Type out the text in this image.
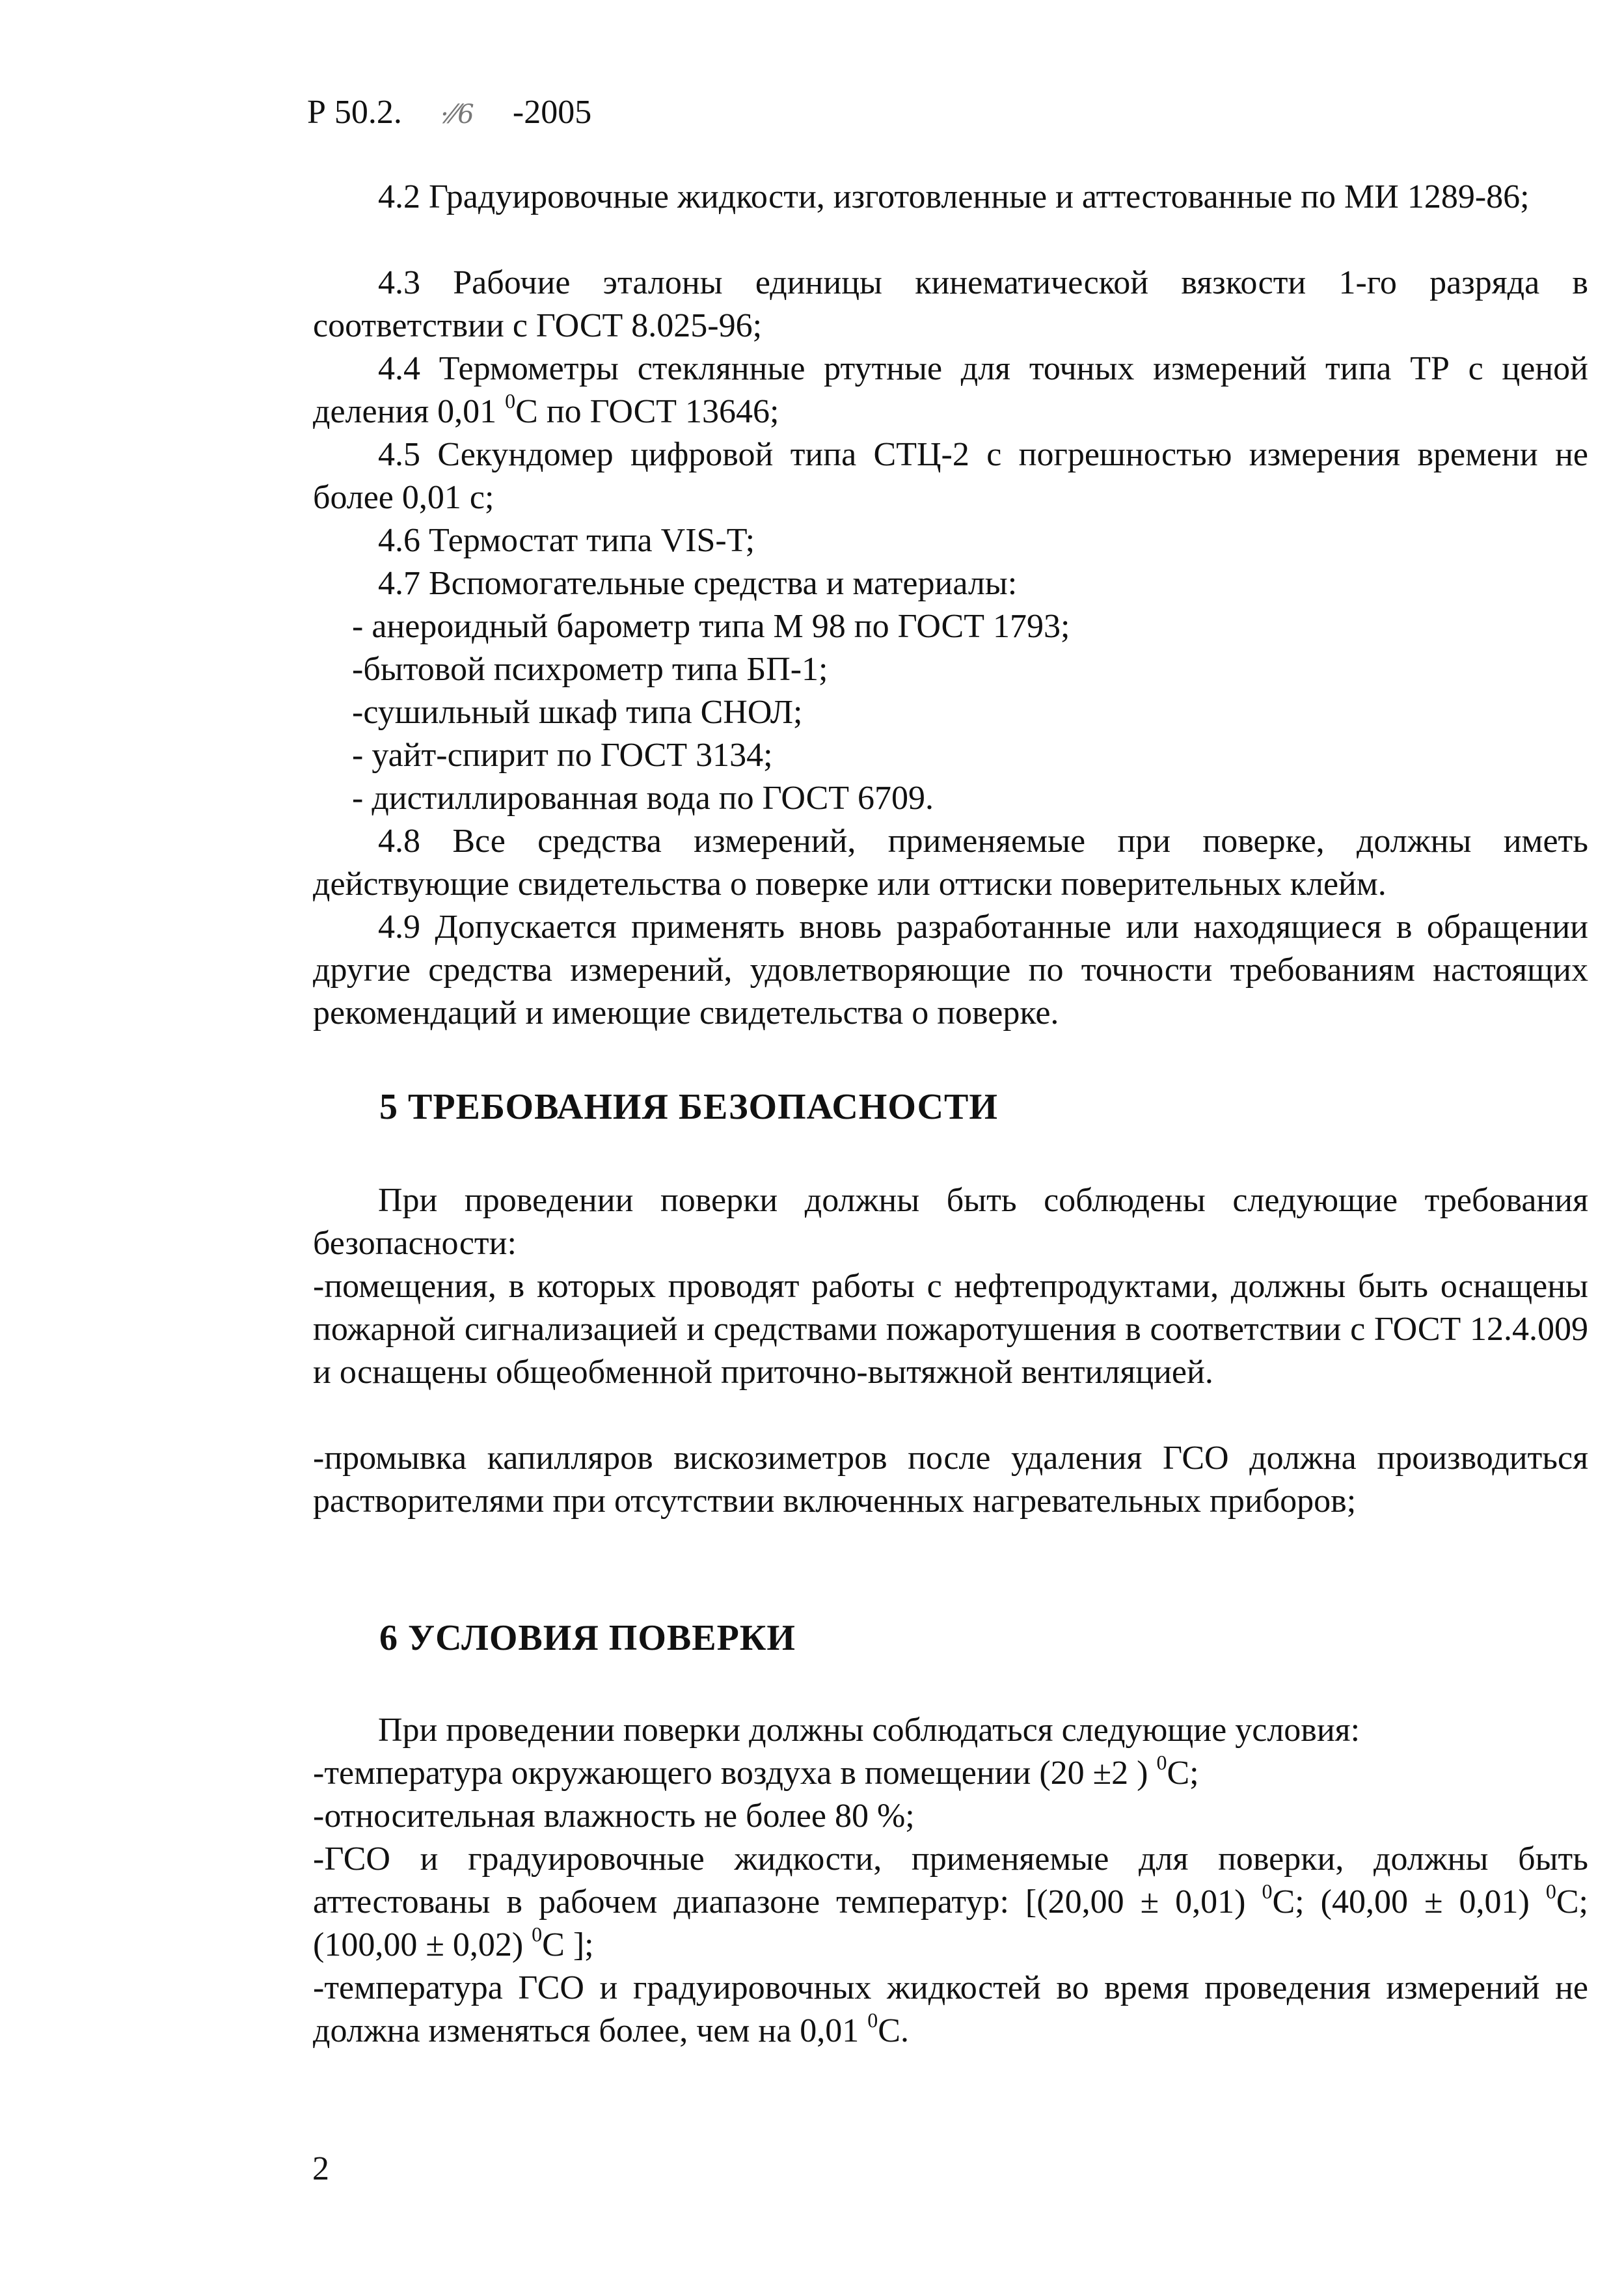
Р 50.2. ·⁄⁄6 -2005

4.2 Градуировочные жидкости, изготовленные и аттестованные по МИ 1289-86;

4.3 Рабочие эталоны единицы кинематической вязкости 1-го разряда в соответствии с ГОСТ 8.025-96;

4.4 Термометры стеклянные ртутные для точных измерений типа ТР с ценой деления 0,01 $^0$С по ГОСТ 13646;

4.5 Секундомер цифровой типа СТЦ-2 с погрешностью измерения времени не более 0,01 с;

4.6 Термостат типа VIS-T;

4.7 Вспомогательные средства и материалы:

- анероидный барометр типа М 98 по ГОСТ 1793;
-бытовой психрометр типа БП-1;
-сушильный шкаф типа СНОЛ;
- уайт-спирит по ГОСТ 3134;
- дистиллированная вода по ГОСТ 6709.

4.8 Все средства измерений, применяемые при поверке, должны иметь действующие свидетельства о поверке или оттиски поверительных клейм.

4.9 Допускается применять вновь разработанные или находящиеся в обращении другие средства измерений, удовлетворяющие по точности требованиям настоящих рекомендаций и имеющие свидетельства о поверке.

5 ТРЕБОВАНИЯ БЕЗОПАСНОСТИ

При проведении поверки должны быть соблюдены следующие требования безопасности:

-помещения, в которых проводят работы с нефтепродуктами, должны быть оснащены пожарной сигнализацией и средствами пожаротушения в соответствии с ГОСТ 12.4.009 и оснащены общеобменной приточно-вытяжной вентиляцией.

-промывка капилляров вискозиметров после удаления ГСО должна производиться растворителями при отсутствии включенных нагревательных приборов;

6 УСЛОВИЯ ПОВЕРКИ

При проведении поверки должны соблюдаться следующие условия:

-температура окружающего воздуха в помещении (20 ±2 ) $^0$С;

-относительная влажность не более 80 %;

-ГСО и градуировочные жидкости, применяемые для поверки, должны быть аттестованы в рабочем диапазоне температур: [(20,00 ± 0,01) $^0$С; (40,00 ± 0,01) $^0$С; (100,00 ± 0,02) $^0$С ];

-температура ГСО и градуировочных жидкостей во время проведения измерений не должна изменяться более, чем на 0,01 $^0$С.

2
